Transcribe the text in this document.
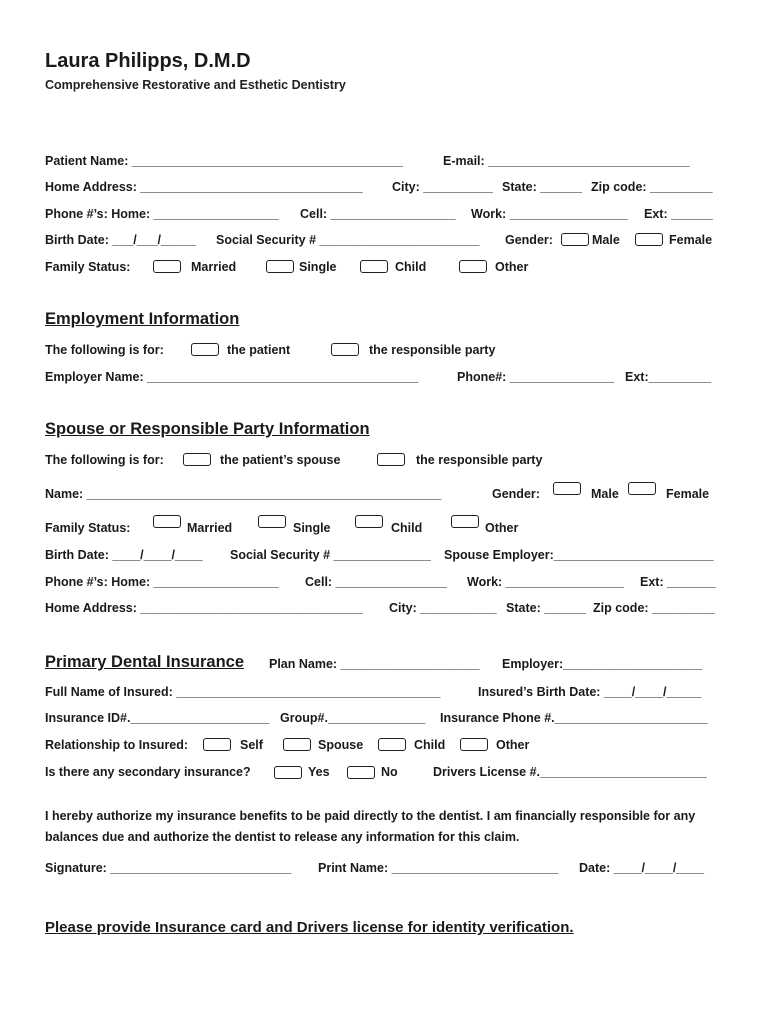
Laura Philipps, D.M.D
Comprehensive Restorative and Esthetic Dentistry
Patient Name: _______________________________________	E-mail: _____________________________
Home Address: ________________________________ City: __________ State: ______ Zip code: _________
Phone #’s: Home: __________________ Cell: __________________ Work: _________________ Ext: ______
Birth Date: ___/___/_____ Social Security # _______________________ Gender:	Male	Female
Family Status:	Married	Single	Child	Other
Employment Information
The following is for:	the patient	the responsible party
Employer Name: _______________________________________	Phone#: _______________ Ext:_________
Spouse or Responsible Party Information
The following is for:	the patient’s spouse	the responsible party
Name: ___________________________________________________	Gender:	Male	Female
Family Status:	Married	Single	Child	Other
Birth Date: ____/____/____ Social Security # ______________ Spouse Employer:_______________________
Phone #’s: Home: __________________ Cell: ________________ Work: _________________ Ext: _______
Home Address: ________________________________ City: ___________ State: ______ Zip code: _________
Primary Dental Insurance Plan Name: ____________________ Employer:____________________
Full Name of Insured: ______________________________________	Insured’s Birth Date: ____/____/_____
Insurance ID#.____________________ Group#.______________ Insurance Phone #.______________________
Relationship to Insured:	Self	Spouse	Child	Other
Is there any secondary insurance?	Yes	No	Drivers License #.________________________
I hereby authorize my insurance benefits to be paid directly to the dentist. I am financially responsible for any balances due and authorize the dentist to release any information for this claim.
Signature: __________________________ Print Name: ________________________ Date: ____/____/____
Please provide Insurance card and Drivers license for identity verification.
